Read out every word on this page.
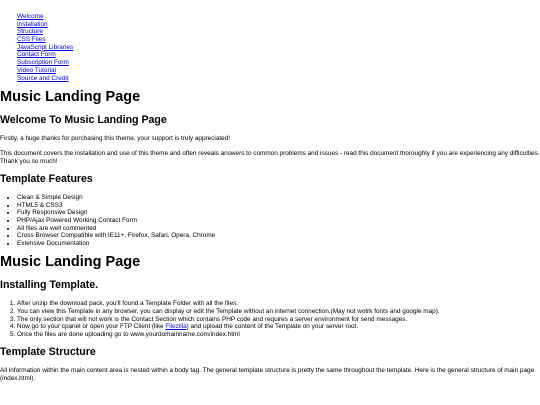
Welcome
Installation
Structure
CSS Files
JavaScript Libraries
Contact Form
Subscription Form
Video Tutorial
Source and Credit
Music Landing Page
Welcome To Music Landing Page

Firstly, a huge thanks for purchasing this theme, your support is truly appreciated!

This document covers the installation and use of this theme and often reveals answers to common problems and issues - read this document thoroughly if you are experiencing any difficulties. Thank you so much!

Template Features
• Clean & Simple Design
• HTML5 & CSS3
• Fully Responsive Design
• PHP/Ajax Powered Working Contact Form
• All files are well commented
• Cross Browser Compatible with IE11+, Firefox, Safari, Opera, Chrome
• Extensive Documentation
Music Landing Page
Installing Template.
1. After unzip the download pack, you'll found a Template Folder with all the files.
2. You can view this Template in any browser, you can display or edit the Template without an internet connection.(May not wotrk fonts and google map).
3. The only section that will not work is the Contact Section which contains PHP code and requires a server environment for send messages.
4. Now go to your cpanel or open your FTP Client (like Filezilla) and upload the content of the Template on your server root.
5. Once the files are done uploading go to www.yourdomainname.com/index.html
Template Structure

All information within the main content area is nested within a body tag. The general template structure is pretty the same throughout the template. Here is the general structure of main page (index.html).
